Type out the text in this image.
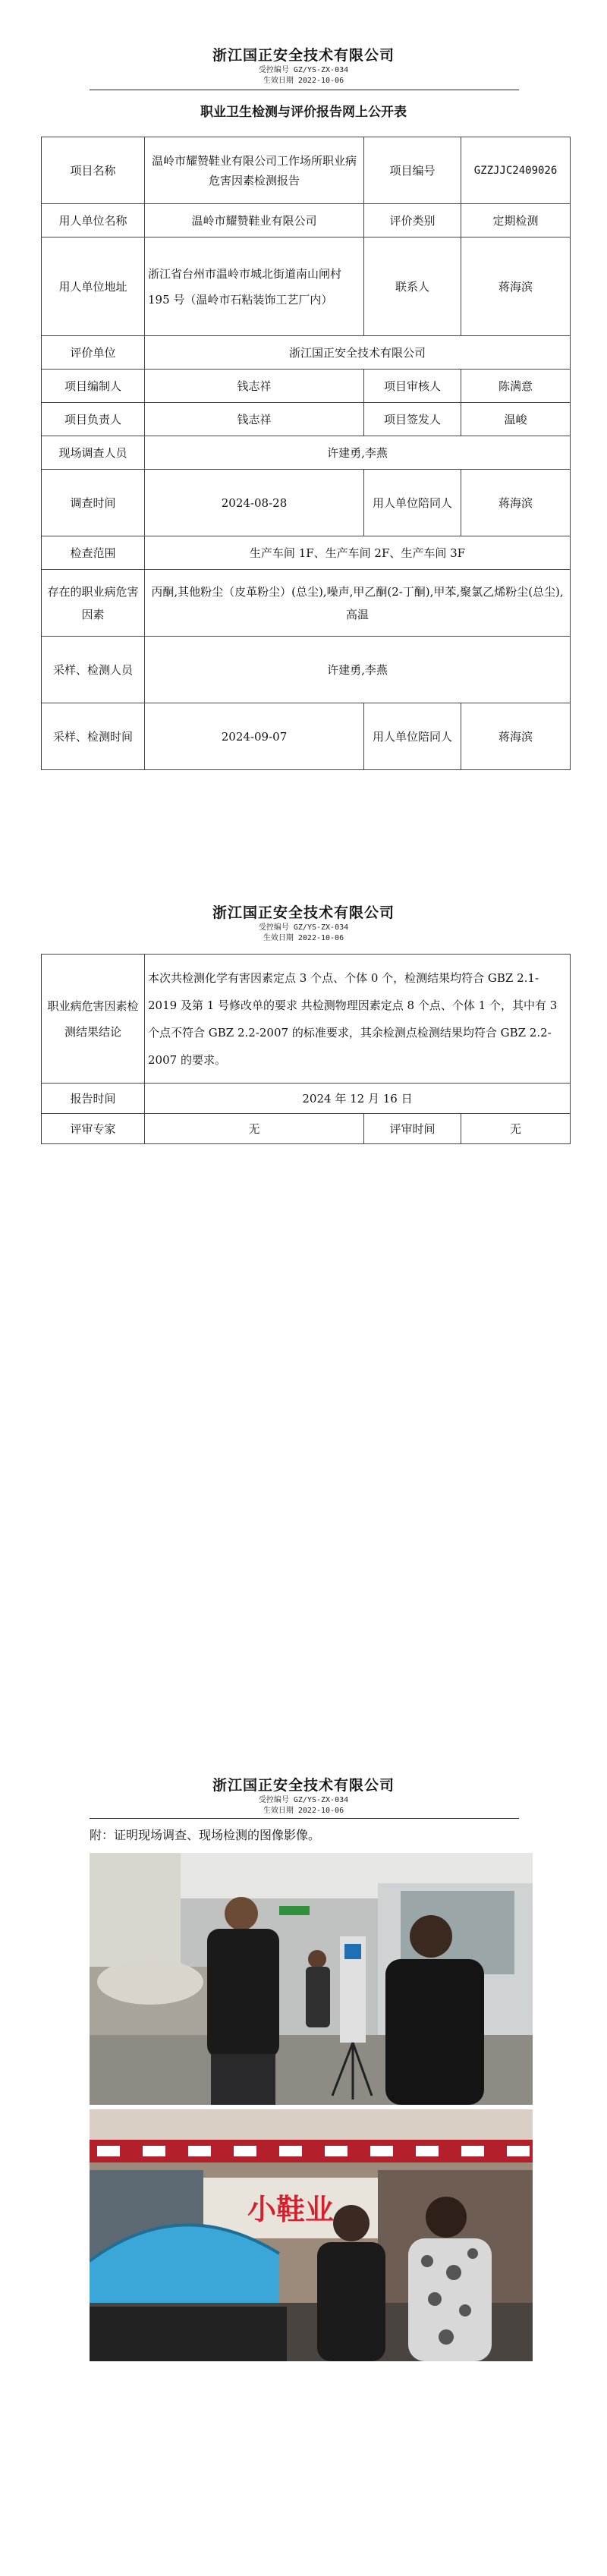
浙江国正安全技术有限公司
受控编号 GZ/YS-ZX-034
生效日期 2022-10-06
职业卫生检测与评价报告网上公开表
项目名称	温岭市耀赞鞋业有限公司工作场所职业病危害因素检测报告	项目编号	GZZJJC2409026
用人单位名称	温岭市耀赞鞋业有限公司	评价类别	定期检测
用人单位地址	浙江省台州市温岭市城北街道南山闸村 195 号（温岭市石粘装饰工艺厂内）	联系人	蒋海滨
评价单位	浙江国正安全技术有限公司		
项目编制人	钱志祥	项目审核人	陈满意
项目负责人	钱志祥	项目签发人	温峻
现场调查人员	许建勇,李燕		
调查时间	2024-08-28	用人单位陪同人	蒋海滨
检查范围	生产车间 1F、生产车间 2F、生产车间 3F		
存在的职业病危害因素	丙酮,其他粉尘（皮革粉尘）(总尘),噪声,甲乙酮(2-丁酮),甲苯,聚氯乙烯粉尘(总尘),高温		
采样、检测人员	许建勇,李燕		
采样、检测时间	2024-09-07	用人单位陪同人	蒋海滨
浙江国正安全技术有限公司
受控编号 GZ/YS-ZX-034
生效日期 2022-10-06
职业病危害因素检测结果结论	本次共检测化学有害因素定点 3 个点、个体 0 个，检测结果均符合 GBZ 2.1-2019 及第 1 号修改单的要求 共检测物理因素定点 8 个点、个体 1 个，其中有 3 个点不符合 GBZ 2.2-2007 的标准要求，其余检测点检测结果均符合 GBZ 2.2-2007 的要求。		
报告时间	2024 年 12 月 16 日		
评审专家	无	评审时间	无
浙江国正安全技术有限公司
受控编号 GZ/YS-ZX-034
生效日期 2022-10-06
附：证明现场调查、现场检测的图像影像。
小鞋业
